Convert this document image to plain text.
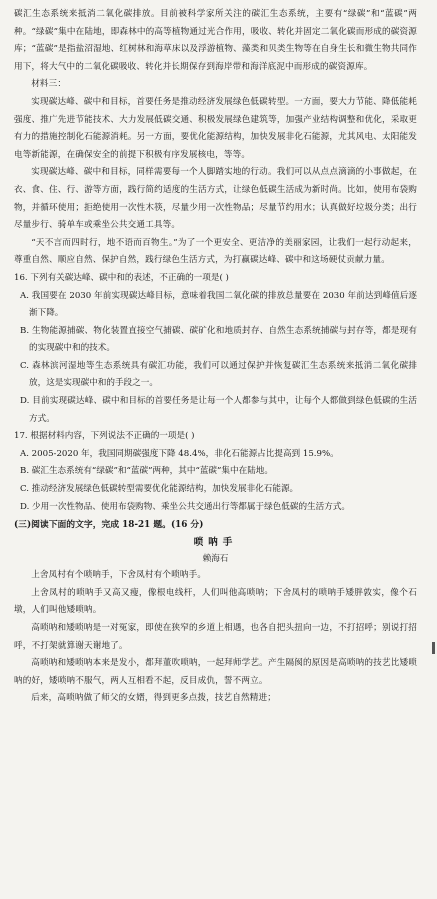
碳汇生态系统来抵消二氧化碳排放。目前被科学家所关注的碳汇生态系统，主要有“绿碳”和“蓝碳”两种。“绿碳”集中在陆地，即森林中的高等植物通过光合作用，吸收、转化并固定二氧化碳而形成的碳资源库；“蓝碳”是指盐沼湿地、红树林和海草床以及浮游植物、藻类和贝类生物等在自身生长和微生物共同作用下，将大气中的二氧化碳吸收、转化并长期保存到海岸带和海洋底泥中而形成的碳资源库。

材料三：

实现碳达峰、碳中和目标，首要任务是推动经济发展绿色低碳转型。一方面，要大力节能、降低能耗强度、推广先进节能技术、大力发展低碳交通、积极发展绿色建筑等，加强产业结构调整和优化，采取更有力的措施控制化石能源消耗。另一方面，要优化能源结构，加快发展非化石能源，尤其风电、太阳能发电等新能源，在确保安全的前提下积极有序发展核电，等等。

实现碳达峰、碳中和目标，同样需要每一个人脚踏实地的行动。我们可以从点点滴滴的小事做起，在衣、食、住、行、游等方面，践行简约适度的生活方式，让绿色低碳生活成为新时尚。比如，使用布袋购物，并循环使用；拒绝使用一次性木筷，尽量少用一次性物品；尽量节约用水；认真做好垃圾分类；出行尽量步行、骑单车或乘坐公共交通工具等。

“天不言而四时行，地不语而百物生。”为了一个更安全、更洁净的美丽家园，让我们一起行动起来，尊重自然、顺应自然、保护自然，践行绿色生活方式，为打赢碳达峰、碳中和这场硬仗贡献力量。

16. 下列有关碳达峰、碳中和的表述，不正确的一项是( )

A. 我国要在 2030 年前实现碳达峰目标，意味着我国二氧化碳的排放总量要在 2030 年前达到峰值后逐渐下降。

B. 生物能源捕碳、物化装置直接空气捕碳、碳矿化和地质封存、自然生态系统捕碳与封存等，都是现有的实现碳中和的技术。

C. 森林滨河湿地等生态系统具有碳汇功能，我们可以通过保护并恢复碳汇生态系统来抵消二氧化碳排放，这是实现碳中和的手段之一。

D. 目前实现碳达峰、碳中和目标的首要任务是让每一个人都参与其中，让每个人都做到绿色低碳的生活方式。

17. 根据材料内容，下列说法不正确的一项是( )

A. 2005-2020 年，我国同期碳强度下降 48.4%，非化石能源占比提高到 15.9%。

B. 碳汇生态系统有“绿碳”和“蓝碳”两种，其中“蓝碳”集中在陆地。

C. 推动经济发展绿色低碳转型需要优化能源结构，加快发展非化石能源。

D. 少用一次性物品、使用布袋购物、乘坐公共交通出行等都属于绿色低碳的生活方式。

(三)阅读下面的文字，完成 18-21 题。(16 分)

唢呐手
赖海石

上舍凤村有个唢呐手，下舍凤村有个唢呐手。

上舍凤村的唢呐手又高又瘦，像根电线杆，人们叫他高唢呐；下舍凤村的唢呐手矮胖敦实，像个石墩，人们叫他矮唢呐。

高唢呐和矮唢呐是一对冤家，即使在狭窄的乡道上相遇，也各自把头扭向一边，不打招呼；别说打招呼，不打架就算谢天谢地了。

高唢呐和矮唢呐本来是发小，都拜董吹唢呐，一起拜师学艺。产生隔阂的原因是高唢呐的技艺比矮唢呐的好，矮唢呐不服气，两人互相看不起，反目成仇，誓不两立。

后来，高唢呐做了师父的女婿，得到更多点拨，技艺自然精进；
